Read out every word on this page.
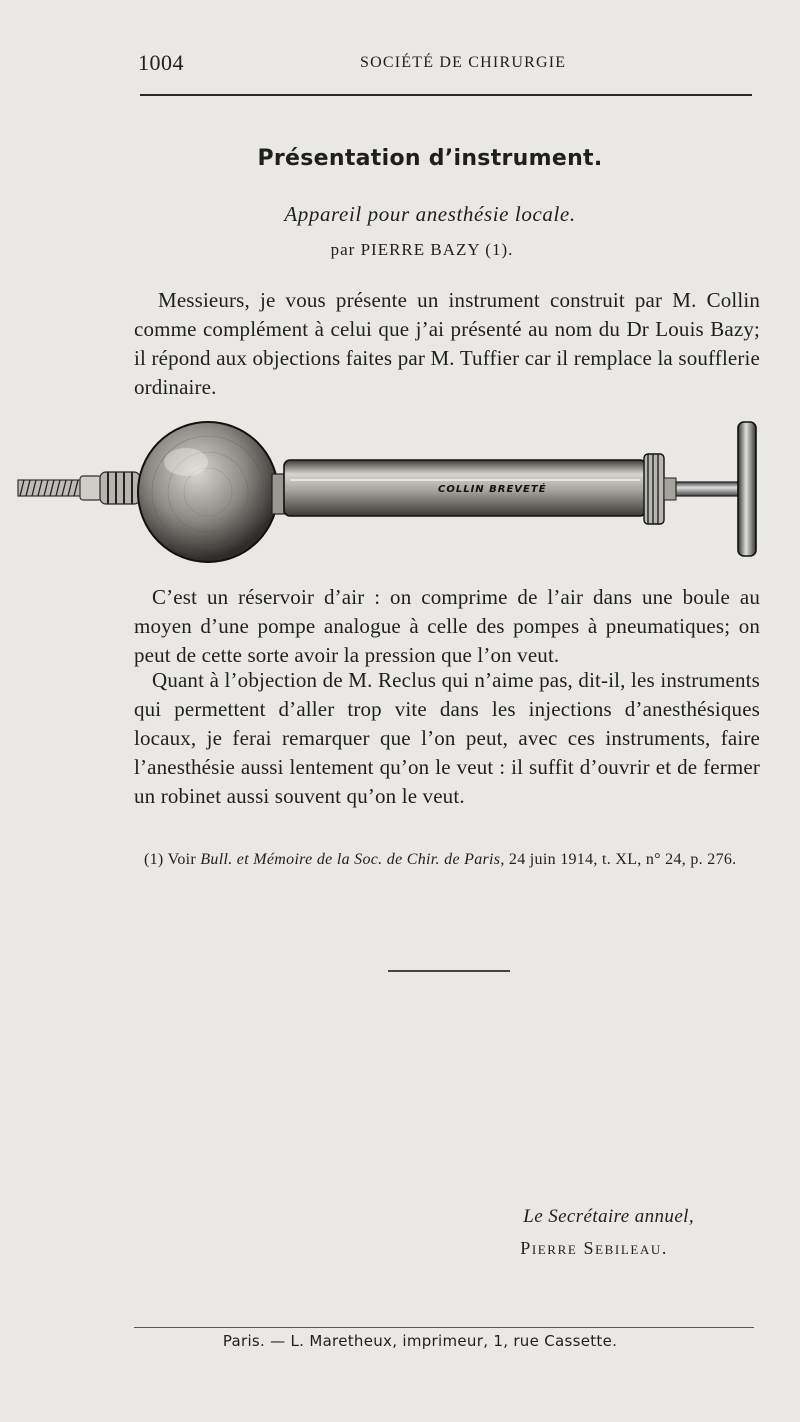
1004	SOCIÉTÉ DE CHIRURGIE
Présentation d’instrument.
Appareil pour anesthésie locale.
par PIERRE BAZY (1).

Messieurs, je vous présente un instrument construit par M. Collin comme complément à celui que j’ai présenté au nom du Dr Louis Bazy; il répond aux objections faites par M. Tuffier car il remplace la soufflerie ordinaire.

COLLIN BREVETÉ

C’est un réservoir d’air : on comprime de l’air dans une boule au moyen d’une pompe analogue à celle des pompes à pneumatiques; on peut de cette sorte avoir la pression que l’on veut.

Quant à l’objection de M. Reclus qui n’aime pas, dit-il, les instruments qui permettent d’aller trop vite dans les injections d’anesthésiques locaux, je ferai remarquer que l’on peut, avec ces instruments, faire l’anesthésie aussi lentement qu’on le veut : il suffit d’ouvrir et de fermer un robinet aussi souvent qu’on le veut.

(1) Voir Bull. et Mémoire de la Soc. de Chir. de Paris, 24 juin 1914, t. XL, n° 24, p. 276.

Le Secrétaire annuel,
Pierre Sebileau.
Paris. — L. Maretheux, imprimeur, 1, rue Cassette.
